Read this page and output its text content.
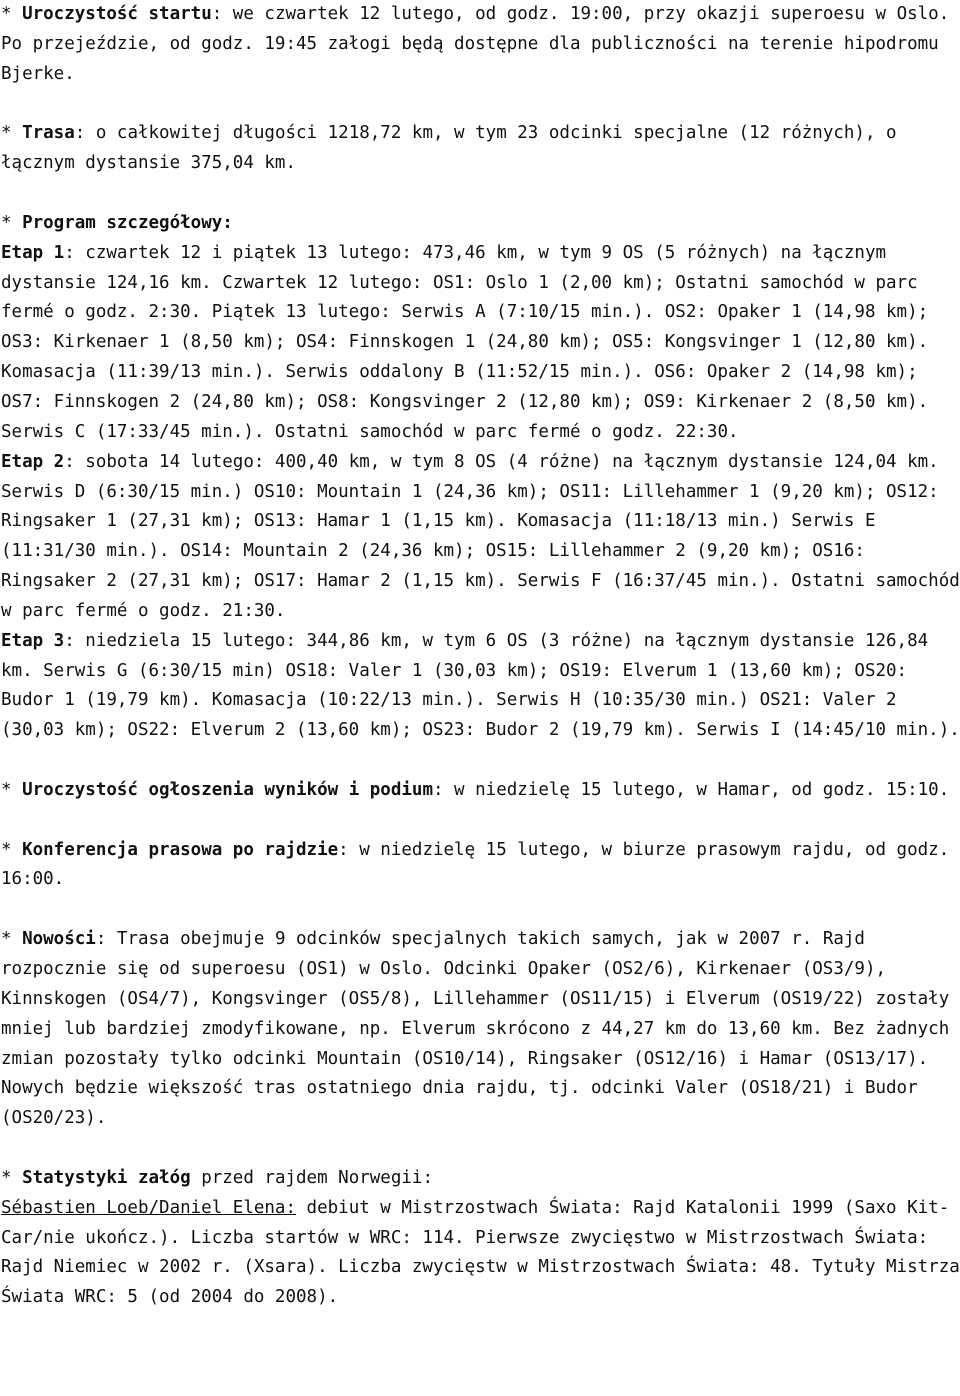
* Uroczystość startu: we czwartek 12 lutego, od godz. 19:00, przy okazji superoesu w Oslo. Po przejeździe, od godz. 19:45 załogi będą dostępne dla publiczności na terenie hipodromu Bjerke.

* Trasa: o całkowitej długości 1218,72 km, w tym 23 odcinki specjalne (12 różnych), o łącznym dystansie 375,04 km.

* Program szczegółowy:

Etap 1: czwartek 12 i piątek 13 lutego: 473,46 km, w tym 9 OS (5 różnych) na łącznym dystansie 124,16 km. Czwartek 12 lutego: OS1: Oslo 1 (2,00 km); Ostatni samochód w parc fermé o godz. 2:30. Piątek 13 lutego: Serwis A (7:10/15 min.). OS2: Opaker 1 (14,98 km); OS3: Kirkenaer 1 (8,50 km); OS4: Finnskogen 1 (24,80 km); OS5: Kongsvinger 1 (12,80 km). Komasacja (11:39/13 min.). Serwis oddalony B (11:52/15 min.). OS6: Opaker 2 (14,98 km); OS7: Finnskogen 2 (24,80 km); OS8: Kongsvinger 2 (12,80 km); OS9: Kirkenaer 2 (8,50 km). Serwis C (17:33/45 min.). Ostatni samochód w parc fermé o godz. 22:30.

Etap 2: sobota 14 lutego: 400,40 km, w tym 8 OS (4 różne) na łącznym dystansie 124,04 km. Serwis D (6:30/15 min.) OS10: Mountain 1 (24,36 km); OS11: Lillehammer 1 (9,20 km); OS12: Ringsaker 1 (27,31 km); OS13: Hamar 1 (1,15 km). Komasacja (11:18/13 min.) Serwis E (11:31/30 min.). OS14: Mountain 2 (24,36 km); OS15: Lillehammer 2 (9,20 km); OS16: Ringsaker 2 (27,31 km); OS17: Hamar 2 (1,15 km). Serwis F (16:37/45 min.). Ostatni samochód w parc fermé o godz. 21:30.

Etap 3: niedziela 15 lutego: 344,86 km, w tym 6 OS (3 różne) na łącznym dystansie 126,84 km. Serwis G (6:30/15 min) OS18: Valer 1 (30,03 km); OS19: Elverum 1 (13,60 km); OS20: Budor 1 (19,79 km). Komasacja (10:22/13 min.). Serwis H (10:35/30 min.) OS21: Valer 2 (30,03 km); OS22: Elverum 2 (13,60 km); OS23: Budor 2 (19,79 km). Serwis I (14:45/10 min.).

* Uroczystość ogłoszenia wyników i podium: w niedzielę 15 lutego, w Hamar, od godz. 15:10.

* Konferencja prasowa po rajdzie: w niedzielę 15 lutego, w biurze prasowym rajdu, od godz. 16:00.

* Nowości: Trasa obejmuje 9 odcinków specjalnych takich samych, jak w 2007 r. Rajd rozpocznie się od superoesu (OS1) w Oslo. Odcinki Opaker (OS2/6), Kirkenaer (OS3/9), Kinnskogen (OS4/7), Kongsvinger (OS5/8), Lillehammer (OS11/15) i Elverum (OS19/22) zostały mniej lub bardziej zmodyfikowane, np. Elverum skrócono z 44,27 km do 13,60 km. Bez żadnych zmian pozostały tylko odcinki Mountain (OS10/14), Ringsaker (OS12/16) i Hamar (OS13/17). Nowych będzie większość tras ostatniego dnia rajdu, tj. odcinki Valer (OS18/21) i Budor (OS20/23).

* Statystyki załóg przed rajdem Norwegii:

Sébastien Loeb/Daniel Elena: debiut w Mistrzostwach Świata: Rajd Katalonii 1999 (Saxo Kit-Car/nie ukończ.). Liczba startów w WRC: 114. Pierwsze zwycięstwo w Mistrzostwach Świata: Rajd Niemiec w 2002 r. (Xsara). Liczba zwycięstw w Mistrzostwach Świata: 48. Tytuły Mistrza Świata WRC: 5 (od 2004 do 2008).
